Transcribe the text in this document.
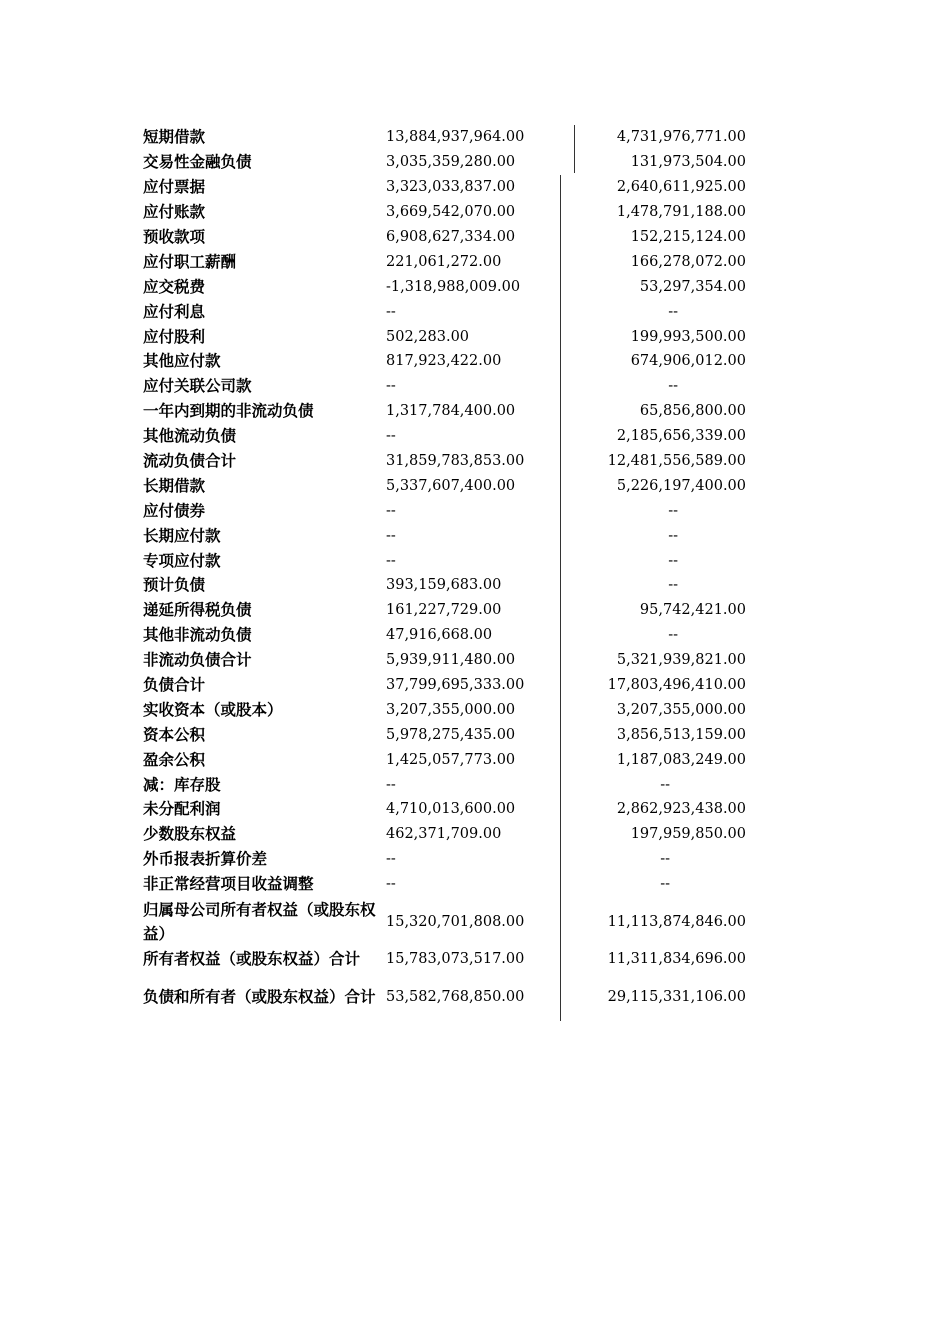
短期借款	13,884,937,964.00	4,731,976,771.00
交易性金融负债	3,035,359,280.00	131,973,504.00
应付票据	3,323,033,837.00	2,640,611,925.00
应付账款	3,669,542,070.00	1,478,791,188.00
预收款项	6,908,627,334.00	152,215,124.00
应付职工薪酬	221,061,272.00	166,278,072.00
应交税费	-1,318,988,009.00	53,297,354.00
应付利息	--	--
应付股利	502,283.00	199,993,500.00
其他应付款	817,923,422.00	674,906,012.00
应付关联公司款	--	--
一年内到期的非流动负债	1,317,784,400.00	65,856,800.00
其他流动负债	--	2,185,656,339.00
流动负债合计	31,859,783,853.00	12,481,556,589.00
长期借款	5,337,607,400.00	5,226,197,400.00
应付债券	--	--
长期应付款	--	--
专项应付款	--	--
预计负债	393,159,683.00	--
递延所得税负债	161,227,729.00	95,742,421.00
其他非流动负债	47,916,668.00	--
非流动负债合计	5,939,911,480.00	5,321,939,821.00
负债合计	37,799,695,333.00	17,803,496,410.00
实收资本（或股本）	3,207,355,000.00	3,207,355,000.00
资本公积	5,978,275,435.00	3,856,513,159.00
盈余公积	1,425,057,773.00	1,187,083,249.00
减：库存股	--	--
未分配利润	4,710,013,600.00	2,862,923,438.00
少数股东权益	462,371,709.00	197,959,850.00
外币报表折算价差	--	--
非正常经营项目收益调整	--	--
归属母公司所有者权益（或股东权益）
15,320,701,808.00	11,113,874,846.00
所有者权益（或股东权益）合计	15,783,073,517.00	11,311,834,696.00
负债和所有者（或股东权益）合计 53,582,768,850.00	29,115,331,106.00
